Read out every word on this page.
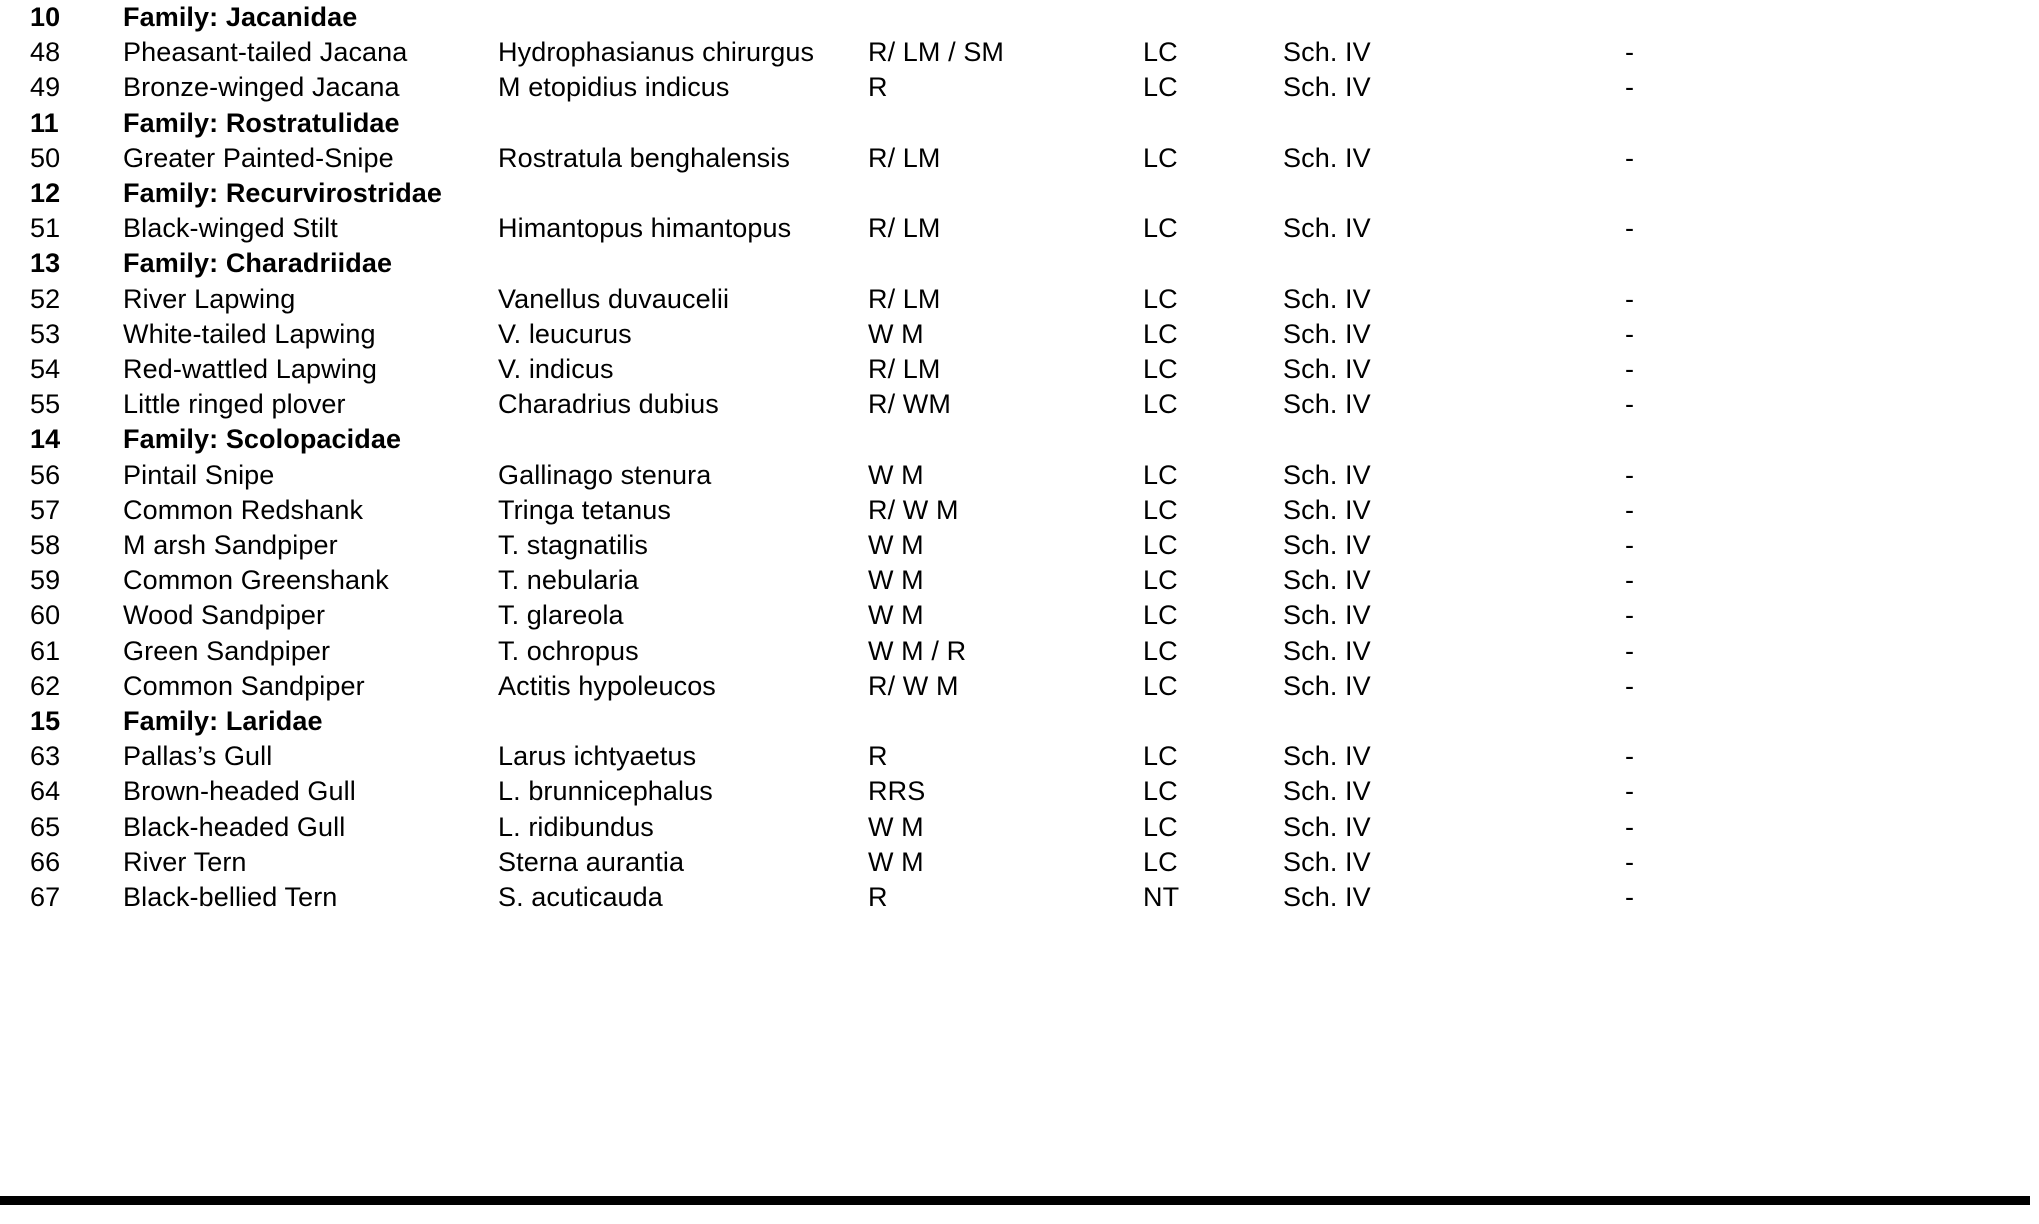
10	Family: Jacanidae					
48	Pheasant-tailed Jacana	Hydrophasianus chirurgus	R/ LM / SM	LC	Sch. IV	-
49	Bronze-winged Jacana	M etopidius indicus	R	LC	Sch. IV	-
11	Family: Rostratulidae					
50	Greater Painted-Snipe	Rostratula benghalensis	R/ LM	LC	Sch. IV	-
12	Family: Recurvirostridae					
51	Black-winged Stilt	Himantopus himantopus	R/ LM	LC	Sch. IV	-
13	Family: Charadriidae					
52	River Lapwing	Vanellus duvaucelii	R/ LM	LC	Sch. IV	-
53	White-tailed Lapwing	V. leucurus	W M	LC	Sch. IV	-
54	Red-wattled Lapwing	V. indicus	R/ LM	LC	Sch. IV	-
55	Little ringed plover	Charadrius dubius	R/ WM	LC	Sch. IV	-
14	Family: Scolopacidae					
56	Pintail Snipe	Gallinago stenura	W M	LC	Sch. IV	-
57	Common Redshank	Tringa tetanus	R/ W M	LC	Sch. IV	-
58	M arsh Sandpiper	T. stagnatilis	W M	LC	Sch. IV	-
59	Common Greenshank	T. nebularia	W M	LC	Sch. IV	-
60	Wood Sandpiper	T. glareola	W M	LC	Sch. IV	-
61	Green Sandpiper	T. ochropus	W M / R	LC	Sch. IV	-
62	Common Sandpiper	Actitis hypoleucos	R/ W M	LC	Sch. IV	-
15	Family: Laridae					
63	Pallas’s Gull	Larus ichtyaetus	R	LC	Sch. IV	-
64	Brown-headed Gull	L. brunnicephalus	RRS	LC	Sch. IV	-
65	Black-headed Gull	L. ridibundus	W M	LC	Sch. IV	-
66	River Tern	Sterna aurantia	W M	LC	Sch. IV	-
67	Black-bellied Tern	S. acuticauda	R	NT	Sch. IV	-
